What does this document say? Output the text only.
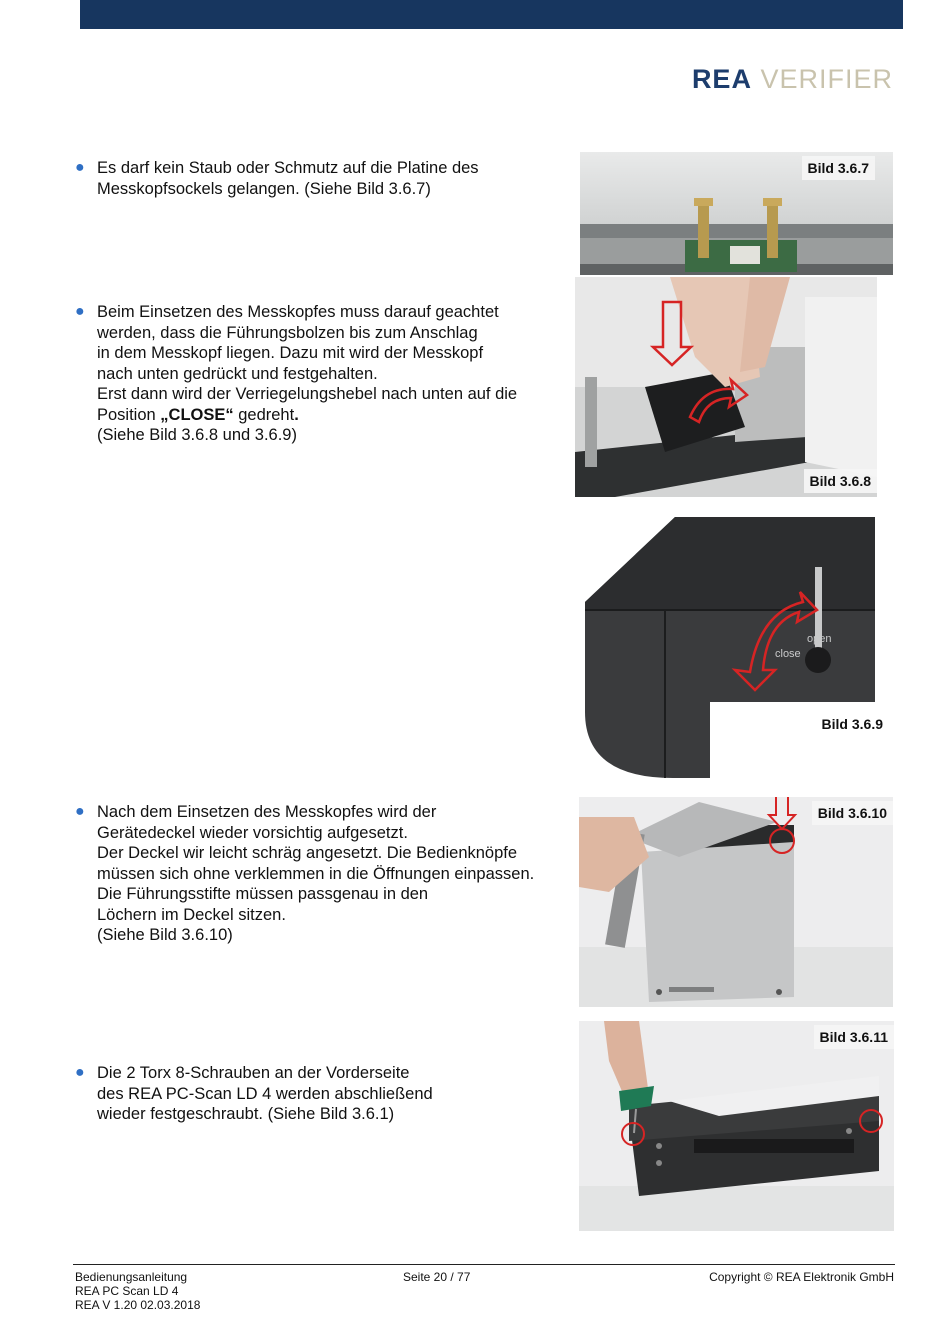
REA VERIFIER
● Es darf kein Staub oder Schmutz auf die Platine des
Messkopfsockels gelangen. (Siehe Bild 3.6.7)
● Beim Einsetzen des Messkopfes muss darauf geachtet
werden, dass die Führungsbolzen bis zum Anschlag
in dem Messkopf liegen. Dazu mit wird der Messkopf
nach unten gedrückt und festgehalten.
Erst dann wird der Verriegelungshebel nach unten auf die
Position „CLOSE“ gedreht.
(Siehe Bild 3.6.8 und 3.6.9)
● Nach dem Einsetzen des Messkopfes wird der
Gerätedeckel wieder vorsichtig aufgesetzt.
Der Deckel wir leicht schräg angesetzt. Die Bedienknöpfe
müssen sich ohne verklemmen in die Öffnungen einpassen.
Die Führungsstifte müssen passgenau in den
Löchern im Deckel sitzen.
(Siehe Bild 3.6.10)
● Die 2 Torx 8-Schrauben an der Vorderseite
des REA PC-Scan LD 4 werden abschließend
wieder festgeschraubt. (Siehe Bild 3.6.1)
Bild 3.6.7
Bild 3.6.8
open
close
Bild 3.6.9
Bild 3.6.10
Bild 3.6.11
Bedienungsanleitung
REA PC Scan LD 4
REA V 1.20 02.03.2018
Seite 20 / 77	Copyright © REA Elektronik GmbH
